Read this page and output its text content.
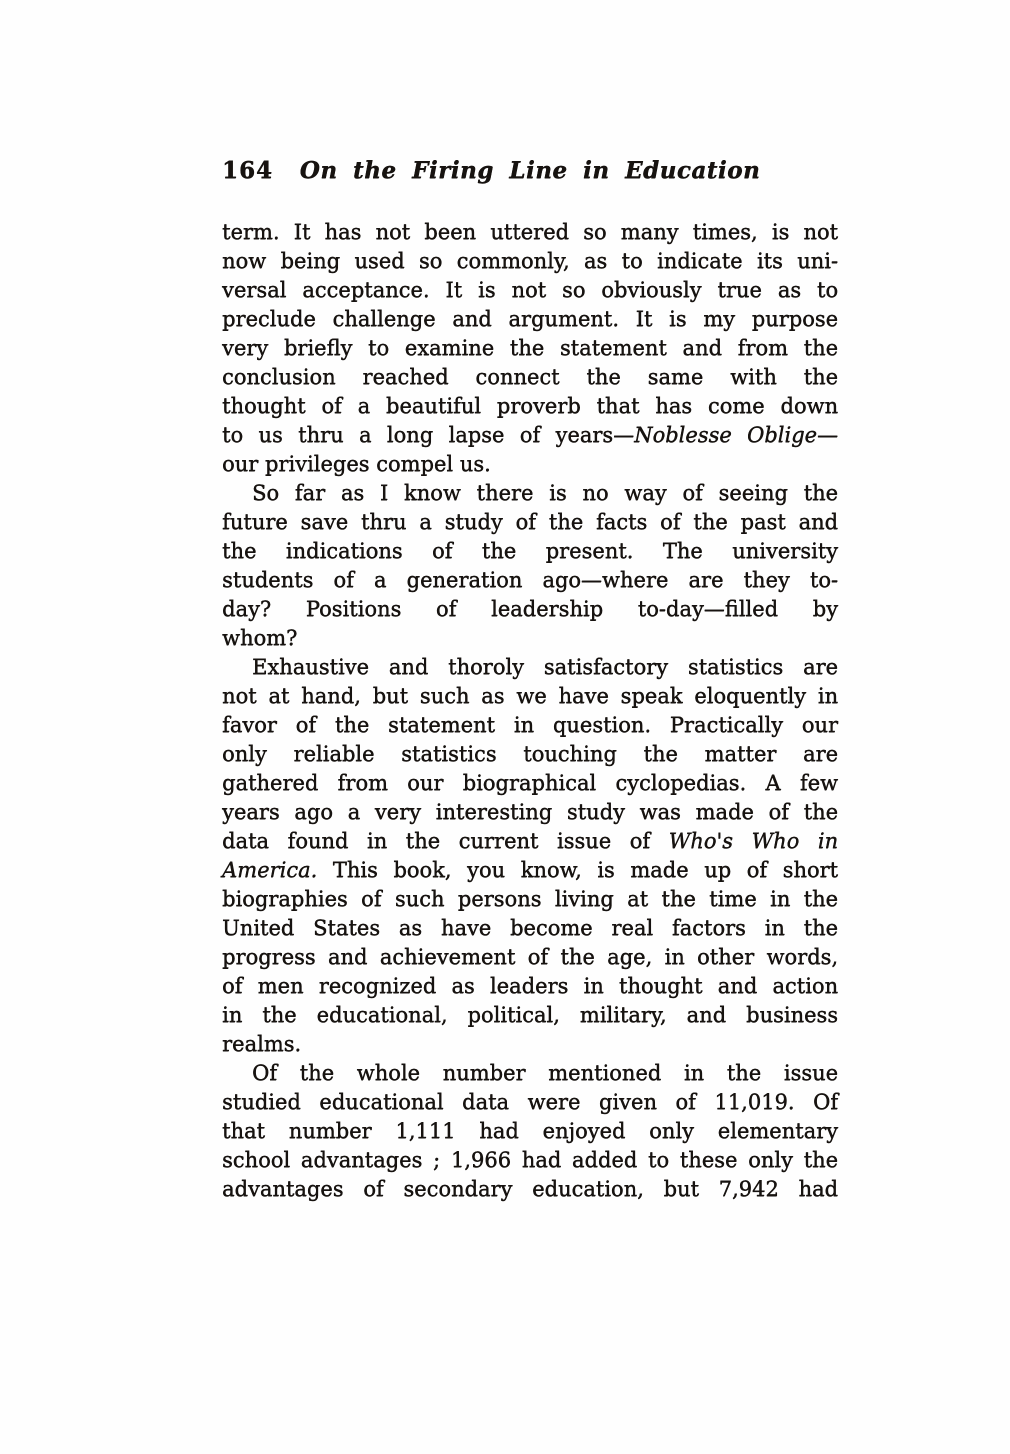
164	On the Firing Line in Education
term. It has not been uttered so many times, is not
now being used so commonly, as to indicate its uni-
versal acceptance. It is not so obviously true as to
preclude challenge and argument. It is my purpose
very briefly to examine the statement and from the
conclusion reached connect the same with the
thought of a beautiful proverb that has come down
to us thru a long lapse of years—Noblesse Oblige—
our privileges compel us.
So far as I know there is no way of seeing the
future save thru a study of the facts of the past and
the indications of the present. The university
students of a generation ago—where are they to-
day? Positions of leadership to-day—filled by
whom?
Exhaustive and thoroly satisfactory statistics are
not at hand, but such as we have speak eloquently in
favor of the statement in question. Practically our
only reliable statistics touching the matter are
gathered from our biographical cyclopedias. A few
years ago a very interesting study was made of the
data found in the current issue of Who's Who in
America. This book, you know, is made up of short
biographies of such persons living at the time in the
United States as have become real factors in the
progress and achievement of the age, in other words,
of men recognized as leaders in thought and action
in the educational, political, military, and business
realms.
Of the whole number mentioned in the issue
studied educational data were given of 11,019. Of
that number 1,111 had enjoyed only elementary
school advantages ; 1,966 had added to these only the
advantages of secondary education, but 7,942 had
